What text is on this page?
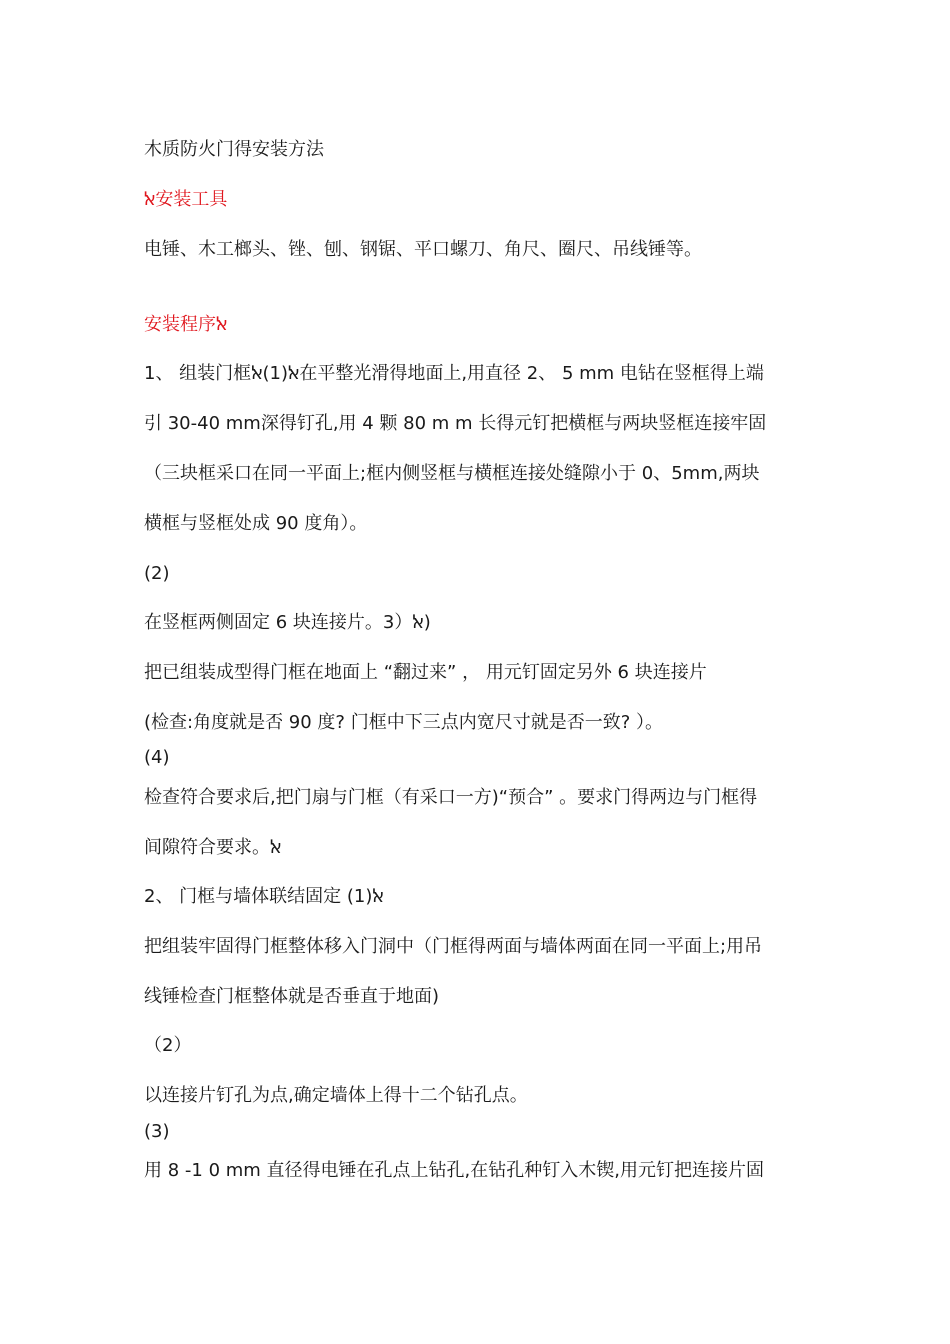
木质防火门得安装方法
ﭏ安装工具
电锤、木工榔头、锉、刨、钢锯、平口螺刀、角尺、圈尺、吊线锤等。
安装程序ﭏ
1、 组装门框ﭏ(1)ﭏ在平整光滑得地面上,用直径 2、 5 mm 电钻在竖框得上端
引 30-40 mm深得钉孔,用 4 颗 80 m m 长得元钉把横框与两块竖框连接牢固
（三块框采口在同一平面上;框内侧竖框与横框连接处缝隙小于 0、5mm,两块
横框与竖框处成 90 度角）。
(2)
在竖框两侧固定 6 块连接片。3）ﭏ)
把已组装成型得门框在地面上 “翻过来” ， 用元钉固定另外 6 块连接片
(检查:角度就是否 90 度? 门框中下三点内宽尺寸就是否一致? ）。
(4)
检查符合要求后,把门扇与门框（有采口一方)“预合” 。要求门得两边与门框得
间隙符合要求。ﭏ
2、 门框与墙体联结固定 (1)ﭏ
把组装牢固得门框整体移入门洞中（门框得两面与墙体两面在同一平面上;用吊
线锤检查门框整体就是否垂直于地面)
（2）
以连接片钉孔为点,确定墙体上得十二个钻孔点。
(3)
用 8 -1 0 mm 直径得电锤在孔点上钻孔,在钻孔种钉入木锲,用元钉把连接片固
